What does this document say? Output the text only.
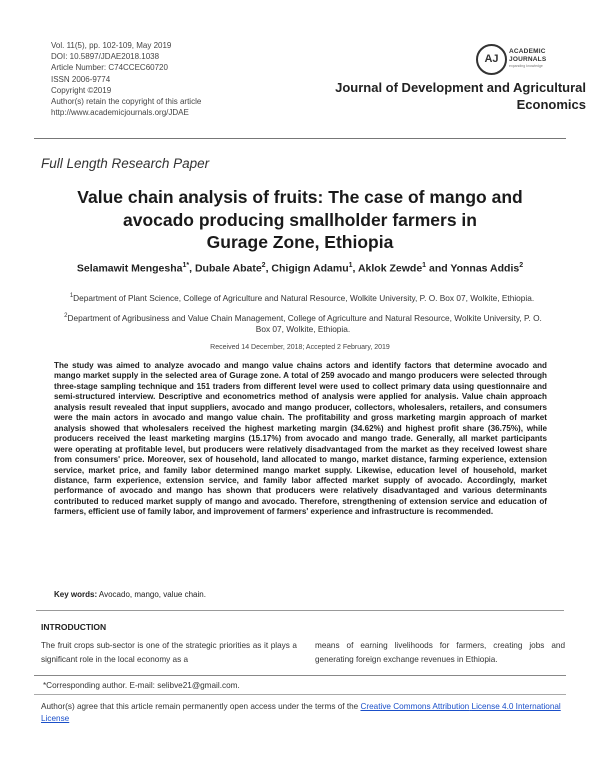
Vol. 11(5), pp. 102-109, May 2019
DOI: 10.5897/JDAE2018.1038
Article Number: C74CCEC60720
ISSN 2006-9774
Copyright ©2019
Author(s) retain the copyright of this article
http://www.academicjournals.org/JDAE
AJ
ACADEMIC
JOURNALS
expanding knowledge
Journal of Development and Agricultural
Economics
Full Length Research Paper
Value chain analysis of fruits: The case of mango and
avocado producing smallholder farmers in
Gurage Zone, Ethiopia
Selamawit Mengesha$^{1*}$, Dubale Abate$^2$, Chigign Adamu$^1$, Aklok Zewde$^1$ and Yonnas Addis$^2$
$^1$Department of Plant Science, College of Agriculture and Natural Resource, Wolkite University, P. O. Box 07, Wolkite, Ethiopia.
$^2$Department of Agribusiness and Value Chain Management, College of Agriculture and Natural Resource, Wolkite University, P. O. Box 07, Wolkite, Ethiopia.
Received 14 December, 2018; Accepted 2 February, 2019
The study was aimed to analyze avocado and mango value chains actors and identify factors that determine avocado and mango market supply in the selected area of Gurage zone. A total of 259 avocado and mango producers were selected through three-stage sampling technique and 151 traders from different level were used to collect primary data using questionnaire and semi-structured interview. Descriptive and econometrics method of analysis were applied for analysis. Value chain approach analysis result revealed that input suppliers, avocado and mango producer, collectors, wholesalers, retailers, and consumers were the main actors in avocado and mango value chain. The profitability and gross marketing margin approach of market analysis showed that wholesalers received the highest marketing margin (34.62%) and highest profit share (36.75%), while producers received the least marketing margins (15.17%) from avocado and mango trade. Generally, all market participants were operating at profitable level, but producers were relatively disadvantaged from the market as they received lowest share from consumers' price. Moreover, sex of household, land allocated to mango, market distance, farming experience, extension service, market price, and family labor determined mango market supply. Likewise, education level of household, market distance, farm experience, extension service, and family labor affected market supply of avocado. Accordingly, market performance of avocado and mango has shown that producers were relatively disadvantaged and various determinants contributed to reduced market supply of mango and avocado. Therefore, strengthening of extension service and education of farmers, efficient use of family labor, and improvement of farmers' experience and infrastructure is recommended.
Key words: Avocado, mango, value chain.
INTRODUCTION
The fruit crops sub-sector is one of the strategic priorities as it plays a significant role in the local economy as a
means of earning livelihoods for farmers, creating jobs and generating foreign exchange revenues in Ethiopia.
*Corresponding author. E-mail: selibve21@gmail.com.
Author(s) agree that this article remain permanently open access under the terms of the Creative Commons Attribution License 4.0 International License
